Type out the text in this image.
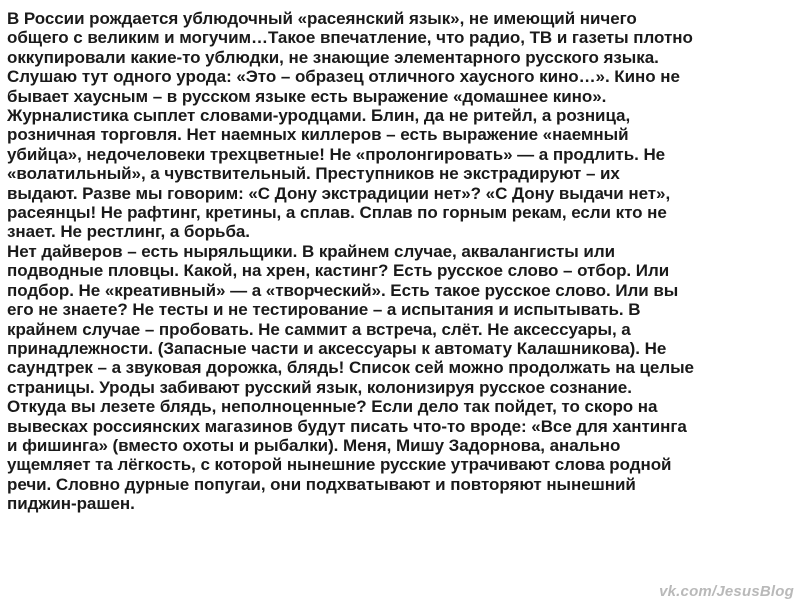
В России рождается ублюдочный «расеянский язык», не имеющий ничего
общего с великим и могучим…Такое впечатление, что радио, ТВ и газеты плотно
оккупировали какие-то ублюдки, не знающие элементарного русского языка.
Слушаю тут одного урода: «Это – образец отличного хаусного кино…». Кино не
бывает хаусным – в русском языке есть выражение «домашнее кино».
Журналистика сыплет словами-уродцами. Блин, да не ритейл, а розница,
розничная торговля. Нет наемных киллеров – есть выражение «наемный
убийца», недочеловеки трехцветные! Не «пролонгировать» — а продлить. Не
«волатильный», а чувствительный. Преступников не экстрадируют – их
выдают. Разве мы говорим: «С Дону экстрадиции нет»? «С Дону выдачи нет»,
расеянцы! Не рафтинг, кретины, а сплав. Сплав по горным рекам, если кто не
знает. Не рестлинг, а борьба.
Нет дайверов – есть ныряльщики. В крайнем случае, аквалангисты или
подводные пловцы. Какой, на хрен, кастинг? Есть русское слово – отбор. Или
подбор. Не «креативный» — а «творческий». Есть такое русское слово. Или вы
его не знаете? Не тесты и не тестирование – а испытания и испытывать. В
крайнем случае – пробовать. Не саммит а встреча, слёт. Не аксессуары, а
принадлежности. (Запасные части и аксессуары к автомату Калашникова). Не
саундтрек – а звуковая дорожка, блядь! Список сей можно продолжать на целые
страницы. Уроды забивают русский язык, колонизируя русское сознание.
Откуда вы лезете блядь, неполноценные? Если дело так пойдет, то скоро на
вывесках россиянских магазинов будут писать что-то вроде: «Все для хантинга
и фишинга» (вместо охоты и рыбалки). Меня, Мишу Задорнова, анально
ущемляет та лёгкость, с которой нынешние русские утрачивают слова родной
речи. Словно дурные попугаи, они подхватывают и повторяют нынешний
пиджин-рашен.
vk.com/JesusBlog
